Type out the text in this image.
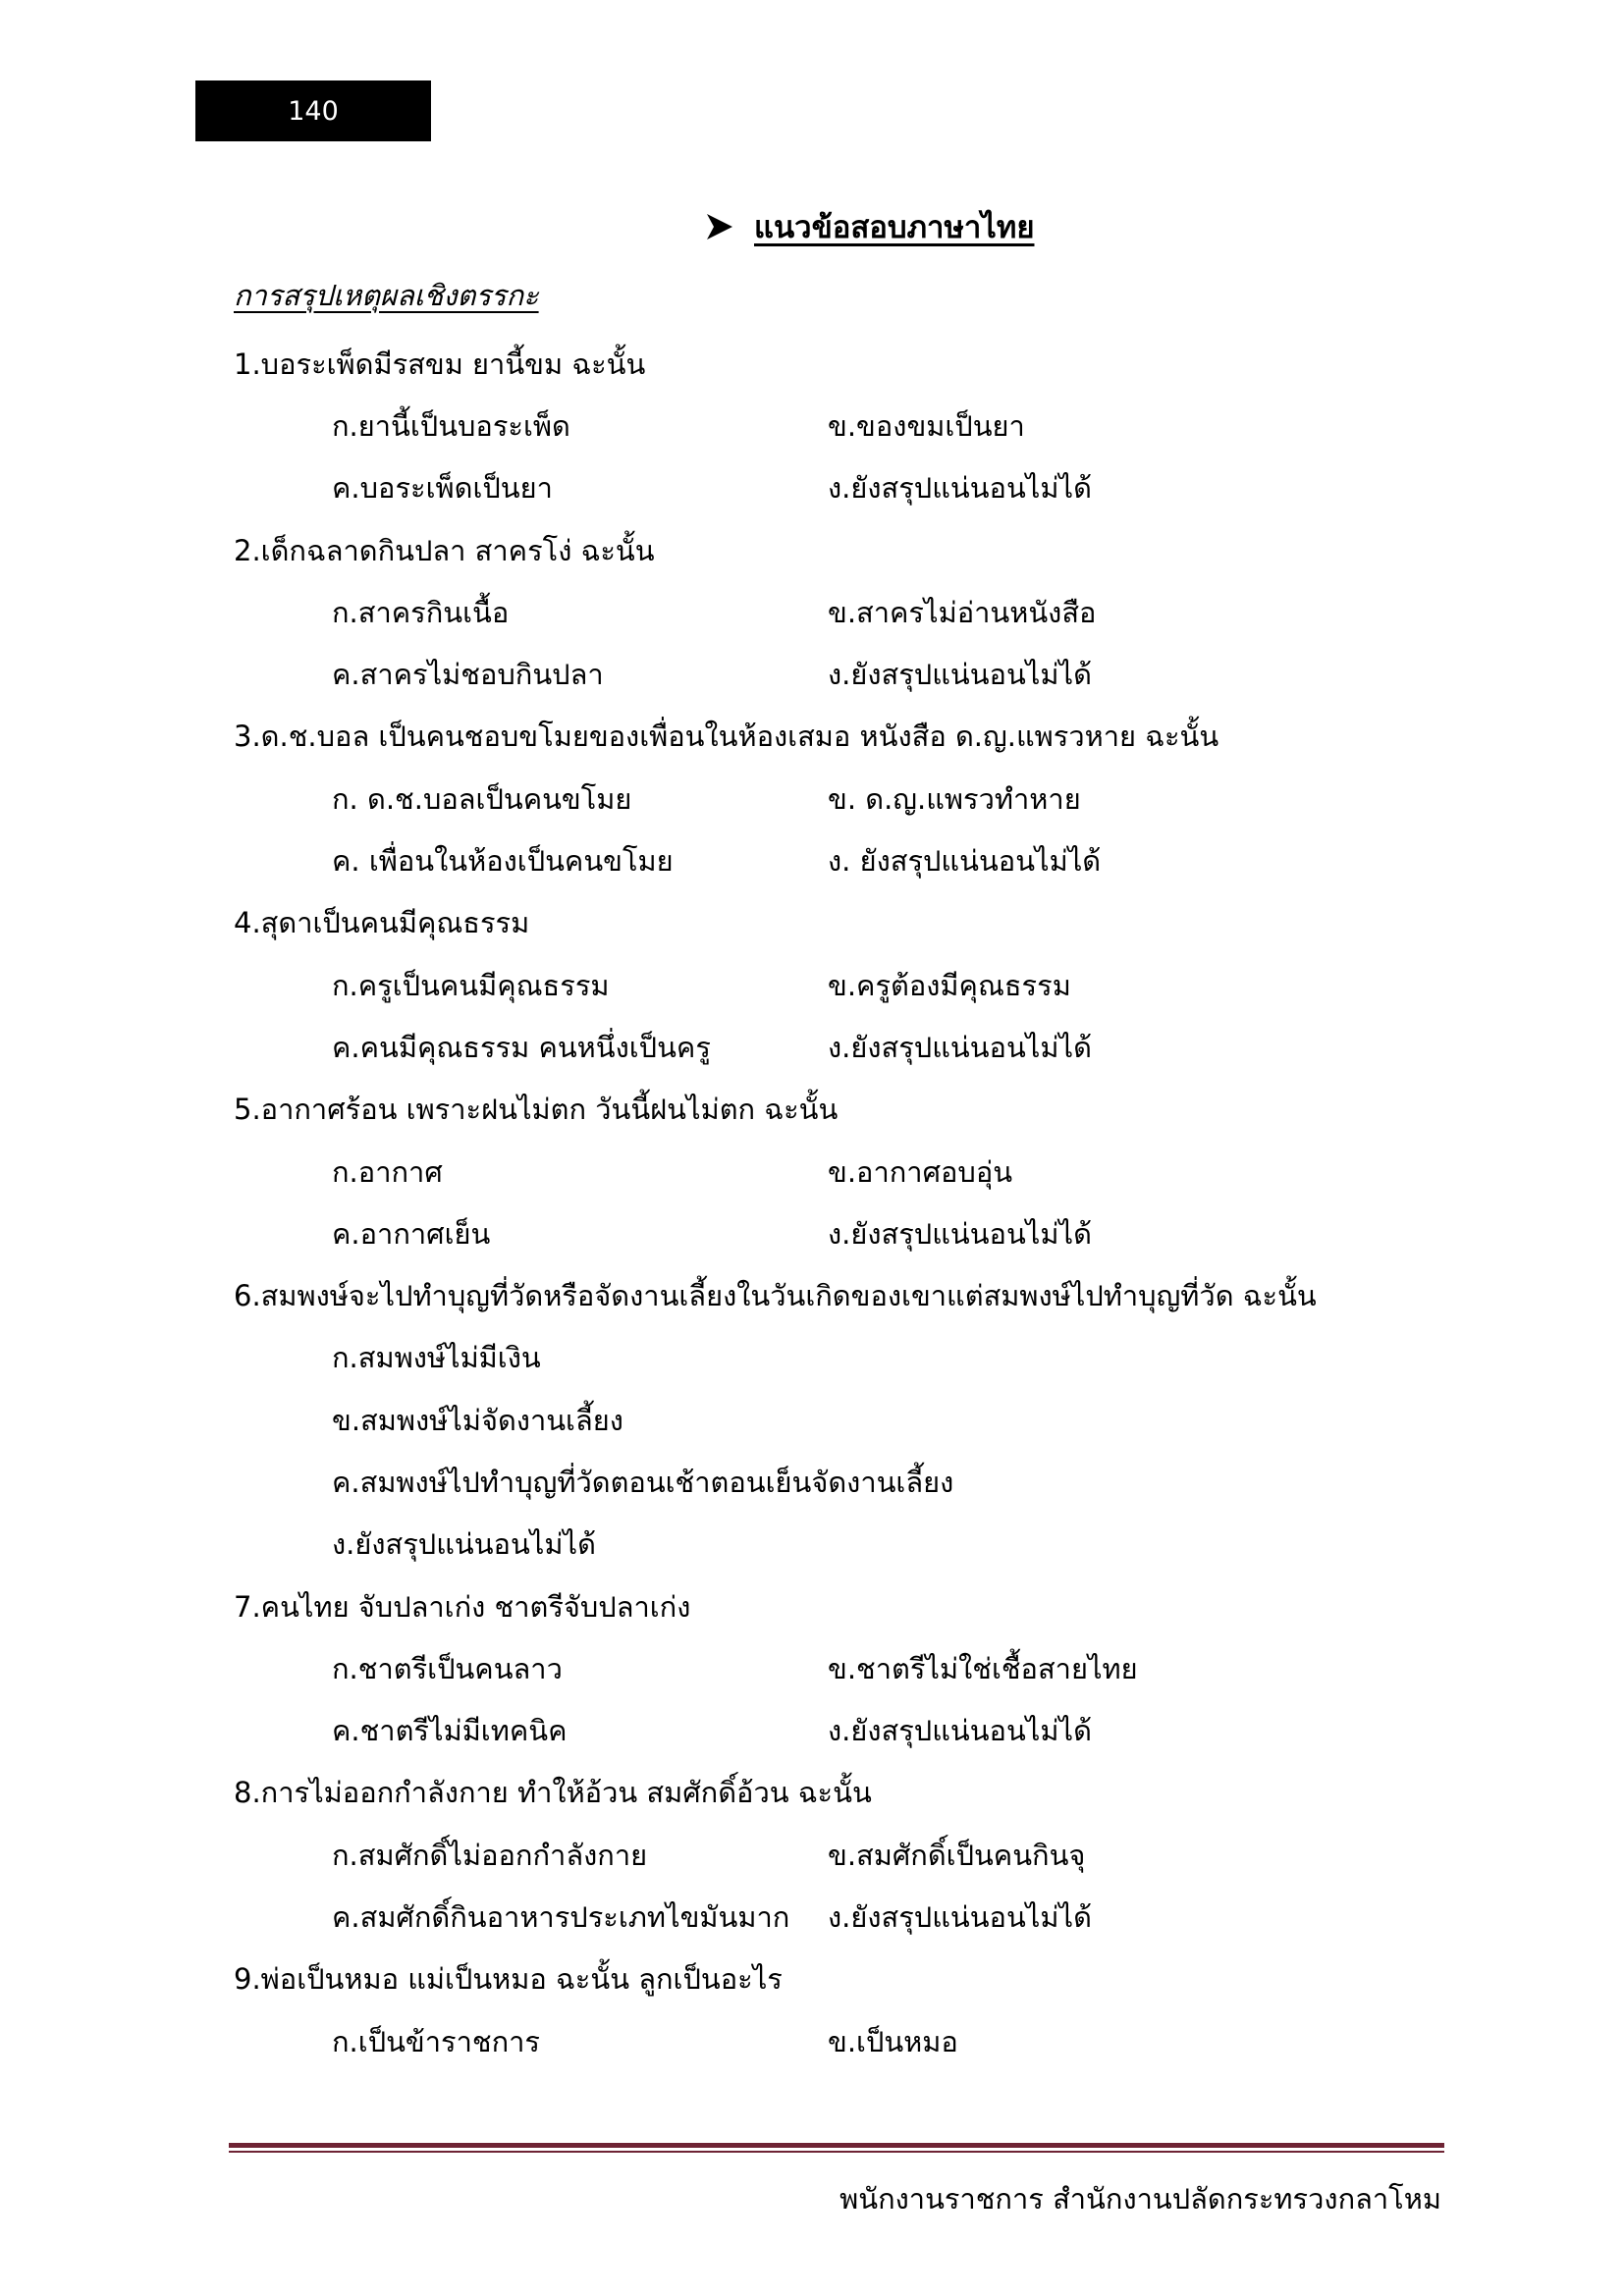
140
แนวข้อสอบภาษาไทย
การสรุปเหตุผลเชิงตรรกะ
1.บอระเพ็ดมีรสขม ยานี้ขม ฉะนั้น
ก.ยานี้เป็นบอระเพ็ด	ข.ของขมเป็นยา
ค.บอระเพ็ดเป็นยา	ง.ยังสรุปแน่นอนไม่ได้
2.เด็กฉลาดกินปลา สาครโง่ ฉะนั้น
ก.สาครกินเนื้อ	ข.สาครไม่อ่านหนังสือ
ค.สาครไม่ชอบกินปลา	ง.ยังสรุปแน่นอนไม่ได้
3.ด.ช.บอล เป็นคนชอบขโมยของเพื่อนในห้องเสมอ หนังสือ ด.ญ.แพรวหาย ฉะนั้น
ก. ด.ช.บอลเป็นคนขโมย	ข. ด.ญ.แพรวทำหาย
ค. เพื่อนในห้องเป็นคนขโมย	ง. ยังสรุปแน่นอนไม่ได้
4.สุดาเป็นคนมีคุณธรรม
ก.ครูเป็นคนมีคุณธรรม	ข.ครูต้องมีคุณธรรม
ค.คนมีคุณธรรม คนหนึ่งเป็นครู	ง.ยังสรุปแน่นอนไม่ได้
5.อากาศร้อน เพราะฝนไม่ตก วันนี้ฝนไม่ตก ฉะนั้น
ก.อากาศ	ข.อากาศอบอุ่น
ค.อากาศเย็น	ง.ยังสรุปแน่นอนไม่ได้
6.สมพงษ์จะไปทำบุญที่วัดหรือจัดงานเลี้ยงในวันเกิดของเขาแต่สมพงษ์ไปทำบุญที่วัด ฉะนั้น
ก.สมพงษ์ไม่มีเงิน
ข.สมพงษ์ไม่จัดงานเลี้ยง
ค.สมพงษ์ไปทำบุญที่วัดตอนเช้าตอนเย็นจัดงานเลี้ยง
ง.ยังสรุปแน่นอนไม่ได้
7.คนไทย จับปลาเก่ง ชาตรีจับปลาเก่ง
ก.ชาตรีเป็นคนลาว	ข.ชาตรีไม่ใช่เชื้อสายไทย
ค.ชาตรีไม่มีเทคนิค	ง.ยังสรุปแน่นอนไม่ได้
8.การไม่ออกกำลังกาย ทำให้อ้วน สมศักดิ์อ้วน ฉะนั้น
ก.สมศักดิ์ไม่ออกกำลังกาย	ข.สมศักดิ์เป็นคนกินจุ
ค.สมศักดิ์กินอาหารประเภทไขมันมาก	ง.ยังสรุปแน่นอนไม่ได้
9.พ่อเป็นหมอ แม่เป็นหมอ ฉะนั้น ลูกเป็นอะไร
ก.เป็นข้าราชการ	ข.เป็นหมอ
พนักงานราชการ สำนักงานปลัดกระทรวงกลาโหม
